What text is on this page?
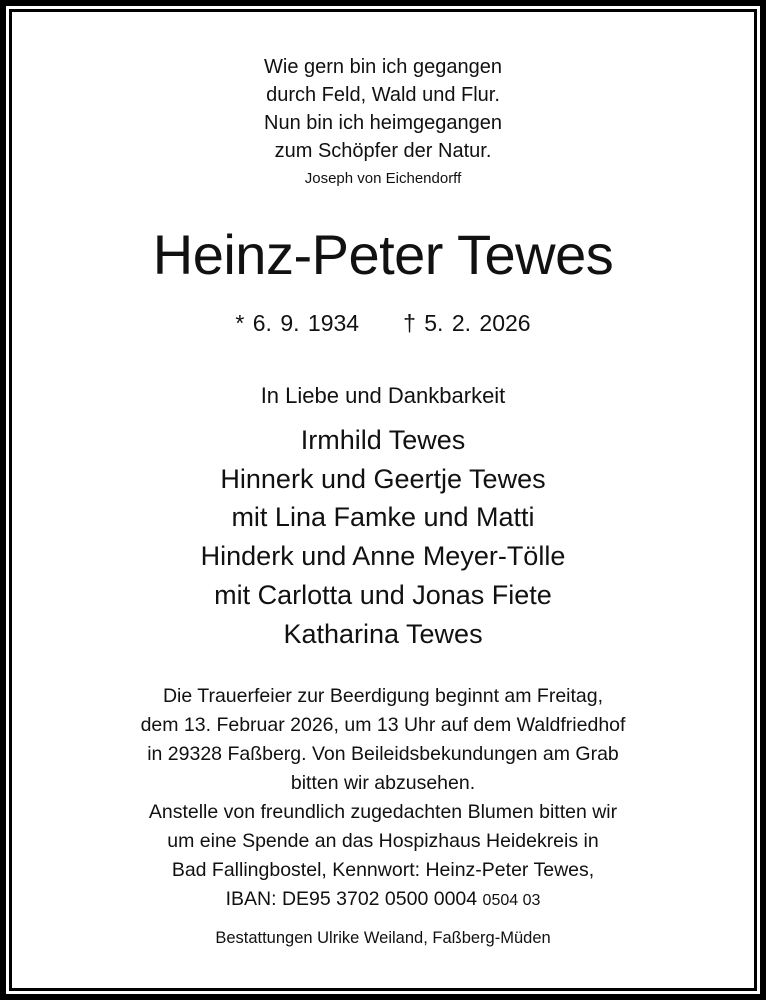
Wie gern bin ich gegangen
durch Feld, Wald und Flur.
Nun bin ich heimgegangen
zum Schöpfer der Natur.
Joseph von Eichendorff
Heinz-Peter Tewes
* 6. 9. 1934 † 5. 2. 2026
In Liebe und Dankbarkeit
Irmhild Tewes
Hinnerk und Geertje Tewes
mit Lina Famke und Matti
Hinderk und Anne Meyer-Tölle
mit Carlotta und Jonas Fiete
Katharina Tewes
Die Trauerfeier zur Beerdigung beginnt am Freitag,
dem 13. Februar 2026, um 13 Uhr auf dem Waldfriedhof
in 29328 Faßberg. Von Beileidsbekundungen am Grab
bitten wir abzusehen.
Anstelle von freundlich zugedachten Blumen bitten wir
um eine Spende an das Hospizhaus Heidekreis in
Bad Fallingbostel, Kennwort: Heinz-Peter Tewes,
IBAN: DE95 3702 0500 0004 0504 03
Bestattungen Ulrike Weiland, Faßberg-Müden
